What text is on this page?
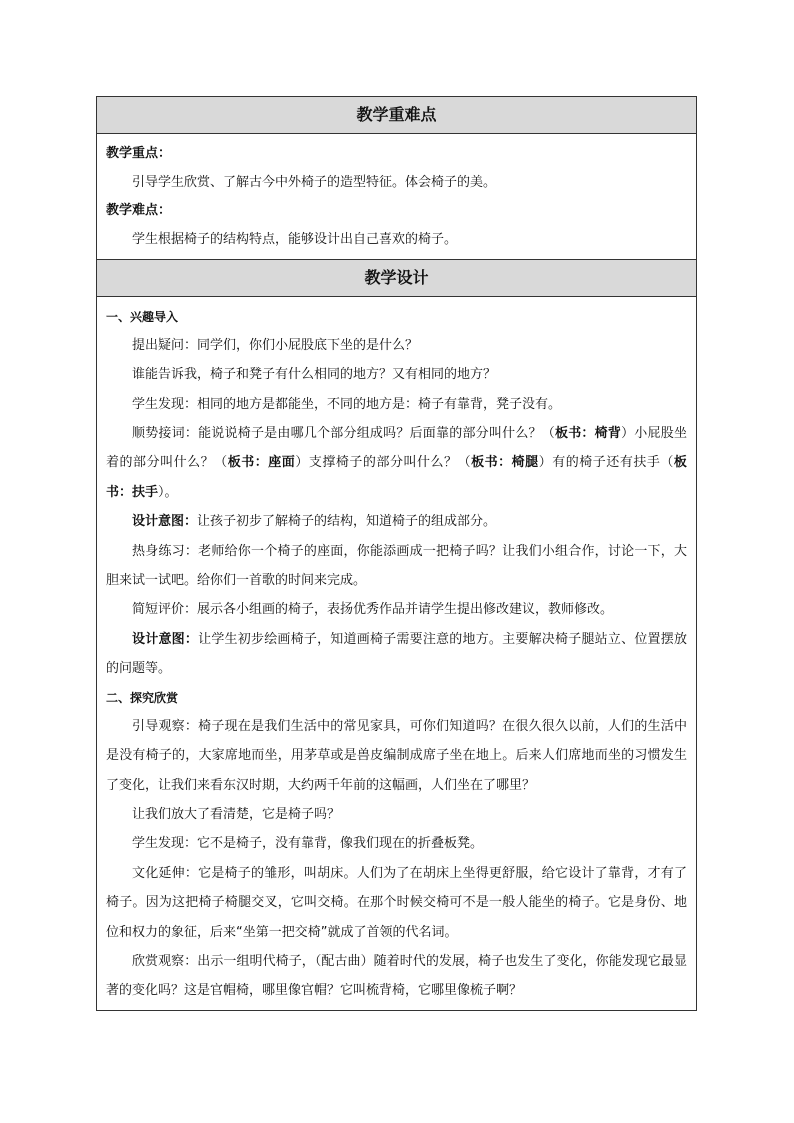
教学重难点
教学重点：

引导学生欣赏、了解古今中外椅子的造型特征。体会椅子的美。

教学难点：

学生根据椅子的结构特点，能够设计出自己喜欢的椅子。

教学设计
一、兴趣导入

提出疑问：同学们，你们小屁股底下坐的是什么？

谁能告诉我，椅子和凳子有什么相同的地方？又有相同的地方？

学生发现：相同的地方是都能坐，不同的地方是：椅子有靠背，凳子没有。

顺势接词：能说说椅子是由哪几个部分组成吗？后面靠的部分叫什么？（板书：椅背）小屁股坐着的部分叫什么？（板书：座面）支撑椅子的部分叫什么？（板书：椅腿）有的椅子还有扶手（板书：扶手）。

设计意图：让孩子初步了解椅子的结构，知道椅子的组成部分。

热身练习：老师给你一个椅子的座面，你能添画成一把椅子吗？让我们小组合作，讨论一下，大胆来试一试吧。给你们一首歌的时间来完成。

简短评价：展示各小组画的椅子，表扬优秀作品并请学生提出修改建议，教师修改。

设计意图：让学生初步绘画椅子，知道画椅子需要注意的地方。主要解决椅子腿站立、位置摆放的问题等。

二、探究欣赏

引导观察：椅子现在是我们生活中的常见家具，可你们知道吗？在很久很久以前，人们的生活中是没有椅子的，大家席地而坐，用茅草或是兽皮编制成席子坐在地上。后来人们席地而坐的习惯发生了变化，让我们来看东汉时期，大约两千年前的这幅画，人们坐在了哪里？

让我们放大了看清楚，它是椅子吗？

学生发现：它不是椅子，没有靠背，像我们现在的折叠板凳。

文化延伸：它是椅子的雏形，叫胡床。人们为了在胡床上坐得更舒服，给它设计了靠背，才有了椅子。因为这把椅子椅腿交叉，它叫交椅。在那个时候交椅可不是一般人能坐的椅子。它是身份、地位和权力的象征，后来“坐第一把交椅”就成了首领的代名词。

欣赏观察：出示一组明代椅子，（配古曲）随着时代的发展，椅子也发生了变化，你能发现它最显著的变化吗？这是官帽椅，哪里像官帽？它叫梳背椅，它哪里像梳子啊？
